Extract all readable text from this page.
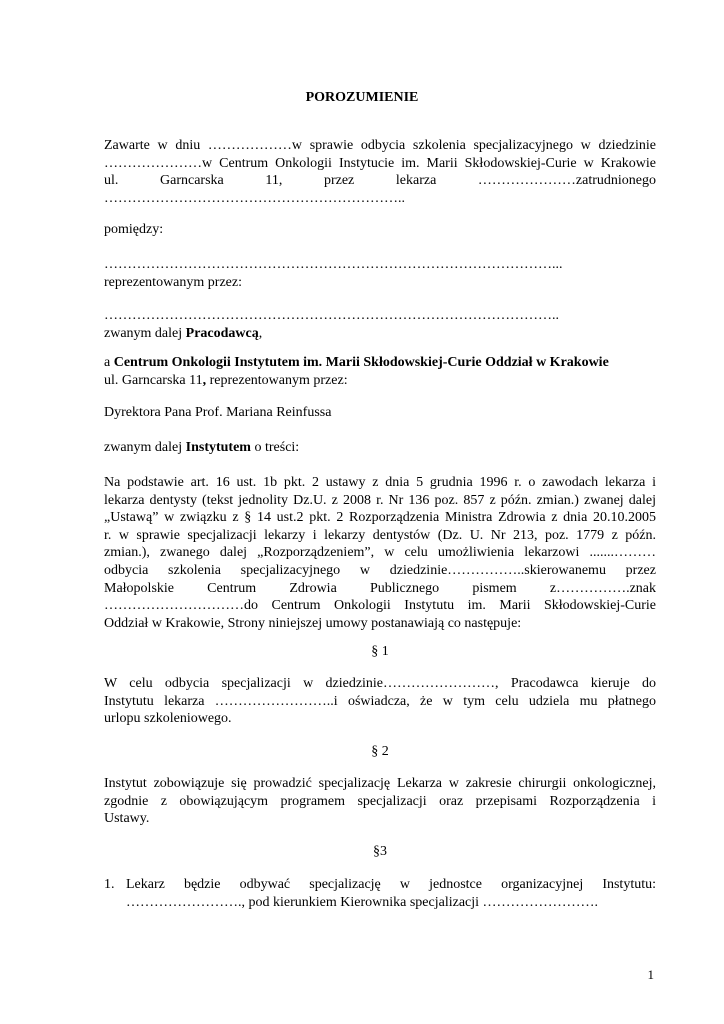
POROZUMIENIE
Zawarte w dniu ………………w sprawie odbycia szkolenia specjalizacyjnego w dziedzinie
…………………w Centrum Onkologii Instytucie im. Marii Skłodowskiej-Curie w Krakowie
ul. Garncarska 11, przez lekarza …………………zatrudnionego
………………………………………………………..
pomiędzy:
……………………………………………………………………………………...
reprezentowanym przez:
……………………………………………………………………………………..
zwanym dalej Pracodawcą,
a Centrum Onkologii Instytutem im. Marii Skłodowskiej-Curie Oddział w Krakowie
ul. Garncarska 11, reprezentowanym przez:
Dyrektora Pana Prof. Mariana Reinfussa
zwanym dalej Instytutem o treści:
Na podstawie art. 16 ust. 1b pkt. 2 ustawy z dnia 5 grudnia 1996 r. o zawodach lekarza i
lekarza dentysty (tekst jednolity Dz.U. z 2008 r. Nr 136 poz. 857 z późn. zmian.) zwanej dalej
„Ustawą” w związku z § 14 ust.2 pkt. 2 Rozporządzenia Ministra Zdrowia z dnia 20.10.2005
r. w sprawie specjalizacji lekarzy i lekarzy dentystów (Dz. U. Nr 213, poz. 1779 z późn.
zmian.), zwanego dalej „Rozporządzeniem”, w celu umożliwienia lekarzowi .......………
odbycia szkolenia specjalizacyjnego w dziedzinie……………..skierowanemu przez
Małopolskie Centrum Zdrowia Publicznego pismem z…………….znak
…………………………do Centrum Onkologii Instytutu im. Marii Skłodowskiej-Curie
Oddział w Krakowie, Strony niniejszej umowy postanawiają co następuje:
§ 1
W celu odbycia specjalizacji w dziedzinie……………………, Pracodawca kieruje do
Instytutu lekarza ……………………..i oświadcza, że w tym celu udziela mu płatnego
urlopu szkoleniowego.
§ 2
Instytut zobowiązuje się prowadzić specjalizację Lekarza w zakresie chirurgii onkologicznej,
zgodnie z obowiązującym programem specjalizacji oraz przepisami Rozporządzenia i
Ustawy.
§3
1. Lekarz będzie odbywać specjalizację w jednostce organizacyjnej Instytutu:
……………………., pod kierunkiem Kierownika specjalizacji …………………….
1
